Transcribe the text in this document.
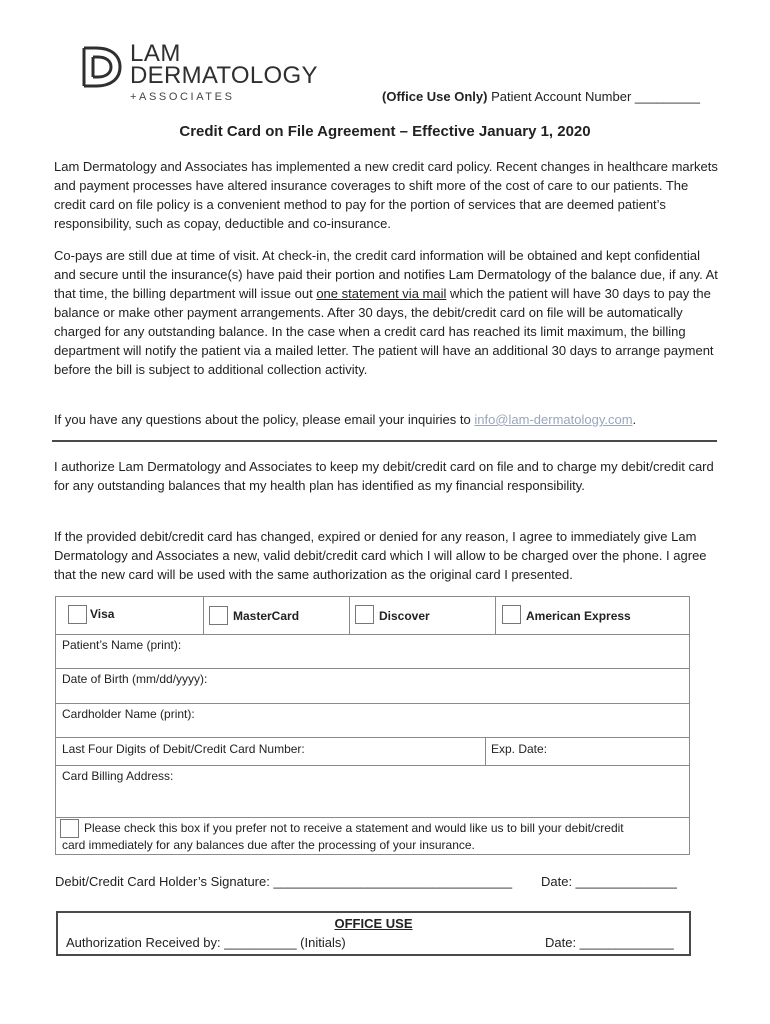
LAM
DERMATOLOGY
+ASSOCIATES	(Office Use Only) Patient Account Number _________
Credit Card on File Agreement – Effective January 1, 2020
Lam Dermatology and Associates has implemented a new credit card policy. Recent changes in healthcare markets and payment processes have altered insurance coverages to shift more of the cost of care to our patients. The credit card on file policy is a convenient method to pay for the portion of services that are deemed patient’s responsibility, such as copay, deductible and co-insurance.
Co-pays are still due at time of visit. At check-in, the credit card information will be obtained and kept confidential and secure until the insurance(s) have paid their portion and notifies Lam Dermatology of the balance due, if any. At that time, the billing department will issue out one statement via mail which the patient will have 30 days to pay the balance or make other payment arrangements. After 30 days, the debit/credit card on file will be automatically charged for any outstanding balance. In the case when a credit card has reached its limit maximum, the billing department will notify the patient via a mailed letter. The patient will have an additional 30 days to arrange payment before the bill is subject to additional collection activity.
If you have any questions about the policy, please email your inquiries to info@lam-dermatology.com.
I authorize Lam Dermatology and Associates to keep my debit/credit card on file and to charge my debit/credit card for any outstanding balances that my health plan has identified as my financial responsibility.
If the provided debit/credit card has changed, expired or denied for any reason, I agree to immediately give Lam Dermatology and Associates a new, valid debit/credit card which I will allow to be charged over the phone. I agree that the new card will be used with the same authorization as the original card I presented.
Visa	MasterCard	Discover	American Express
Patient’s Name (print):
Date of Birth (mm/dd/yyyy):
Cardholder Name (print):
Last Four Digits of Debit/Credit Card Number:	Exp. Date:
Card Billing Address:
Please check this box if you prefer not to receive a statement and would like us to bill your debit/credit
card immediately for any balances due after the processing of your insurance.
Debit/Credit Card Holder’s Signature: _________________________________ Date: ______________
OFFICE USE
Authorization Received by: __________ (Initials)	Date: _____________
